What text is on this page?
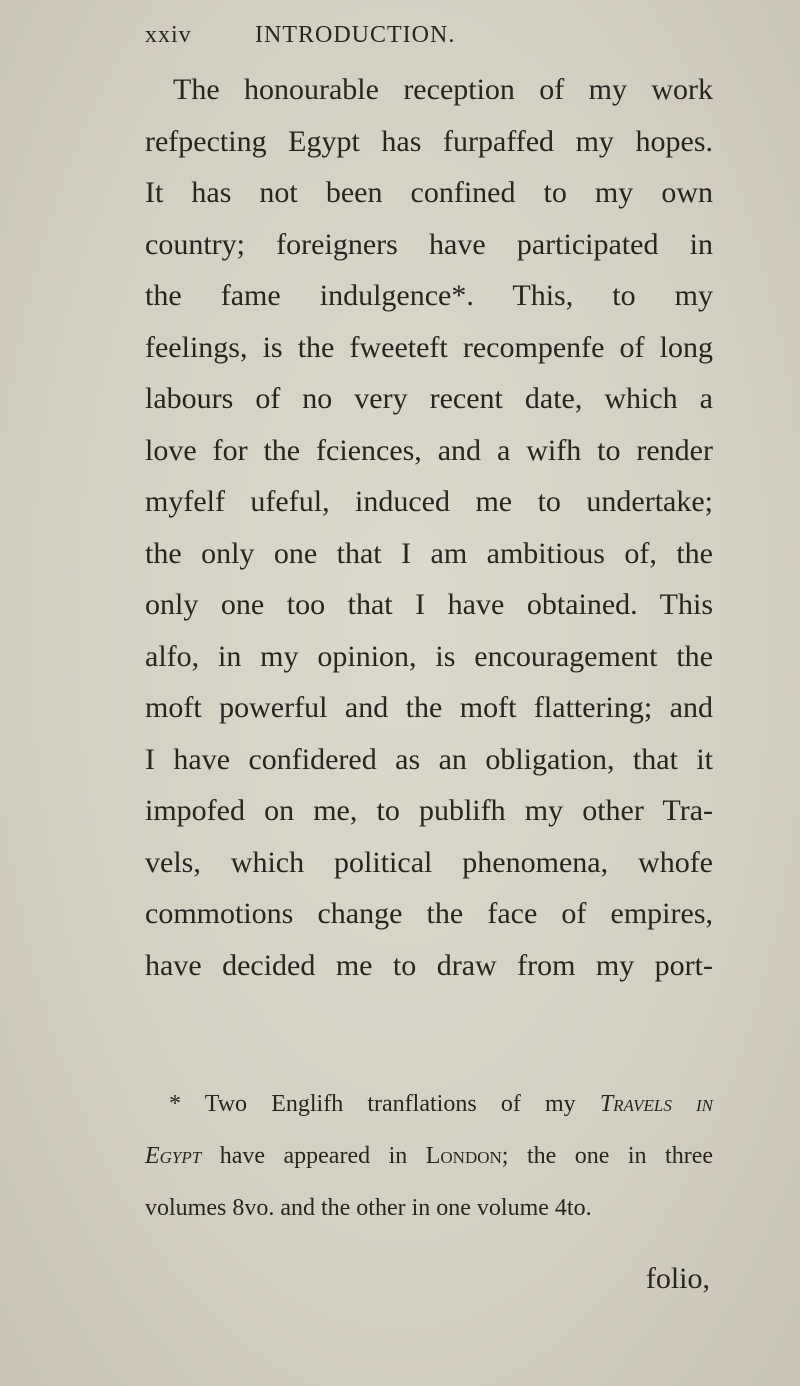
xxiv	INTRODUCTION.
The honourable reception of my work
refpecting Egypt has furpaffed my hopes.
It has not been confined to my own
country; foreigners have participated in
the fame indulgence*. This, to my
feelings, is the fweeteft recompenfe of long
labours of no very recent date, which a
love for the fciences, and a wifh to render
myfelf ufeful, induced me to undertake;
the only one that I am ambitious of, the
only one too that I have obtained. This
alfo, in my opinion, is encouragement the
moft powerful and the moft flattering; and
I have confidered as an obligation, that it
impofed on me, to publifh my other Tra-
vels, which political phenomena, whofe
commotions change the face of empires,
have decided me to draw from my port-
* Two Englifh tranflations of my Travels in
Egypt have appeared in London; the one in three
volumes 8vo. and the other in one volume 4to.
folio,
